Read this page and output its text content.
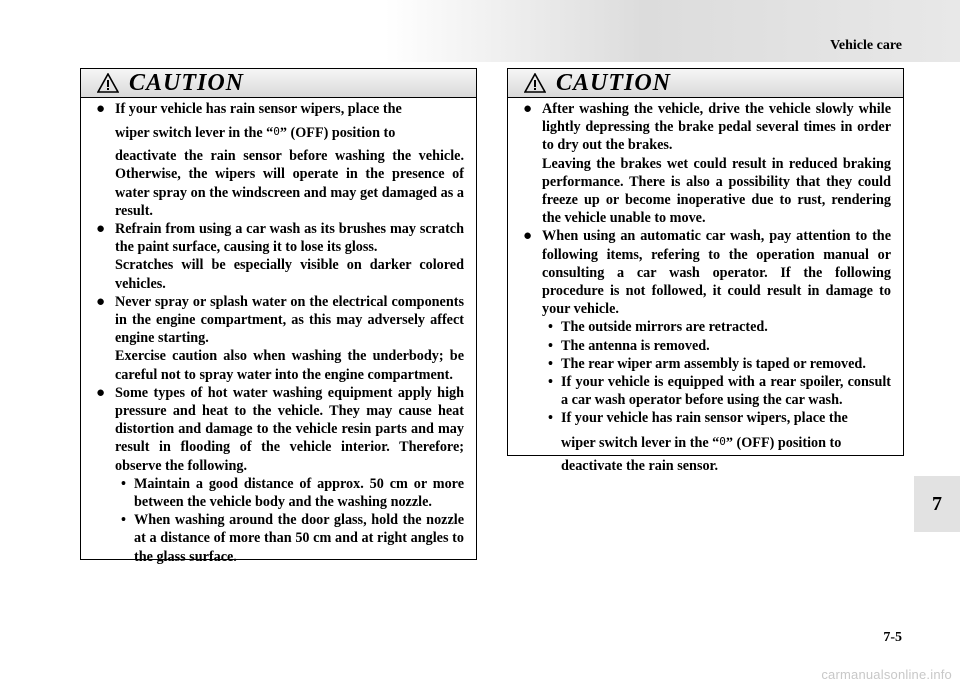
Vehicle care
CAUTION
● If your vehicle has rain sensor wipers, place the
wiper switch lever in the “0” (OFF) position to
deactivate the rain sensor before washing the vehicle. Otherwise, the wipers will operate in the presence of water spray on the windscreen and may get damaged as a result.
● Refrain from using a car wash as its brushes may scratch the paint surface, causing it to lose its gloss.
Scratches will be especially visible on darker colored vehicles.
● Never spray or splash water on the electrical components in the engine compartment, as this may adversely affect engine starting.
Exercise caution also when washing the underbody; be careful not to spray water into the engine compartment.
● Some types of hot water washing equipment apply high pressure and heat to the vehicle. They may cause heat distortion and damage to the vehicle resin parts and may result in flooding of the vehicle interior. Therefore; observe the following.
• Maintain a good distance of approx. 50 cm or more between the vehicle body and the washing nozzle.
• When washing around the door glass, hold the nozzle at a distance of more than 50 cm and at right angles to the glass surface.
CAUTION
● After washing the vehicle, drive the vehicle slowly while lightly depressing the brake pedal several times in order to dry out the brakes.
Leaving the brakes wet could result in reduced braking performance. There is also a possibility that they could freeze up or become inoperative due to rust, rendering the vehicle unable to move.
● When using an automatic car wash, pay attention to the following items, refering to the operation manual or consulting a car wash operator. If the following procedure is not followed, it could result in damage to your vehicle.
• The outside mirrors are retracted.
• The antenna is removed.
• The rear wiper arm assembly is taped or removed.
• If your vehicle is equipped with a rear spoiler, consult a car wash operator before using the car wash.
• If your vehicle has rain sensor wipers, place the
wiper switch lever in the “0” (OFF) position to
deactivate the rain sensor.
7
7-5
carmanualsonline.info
